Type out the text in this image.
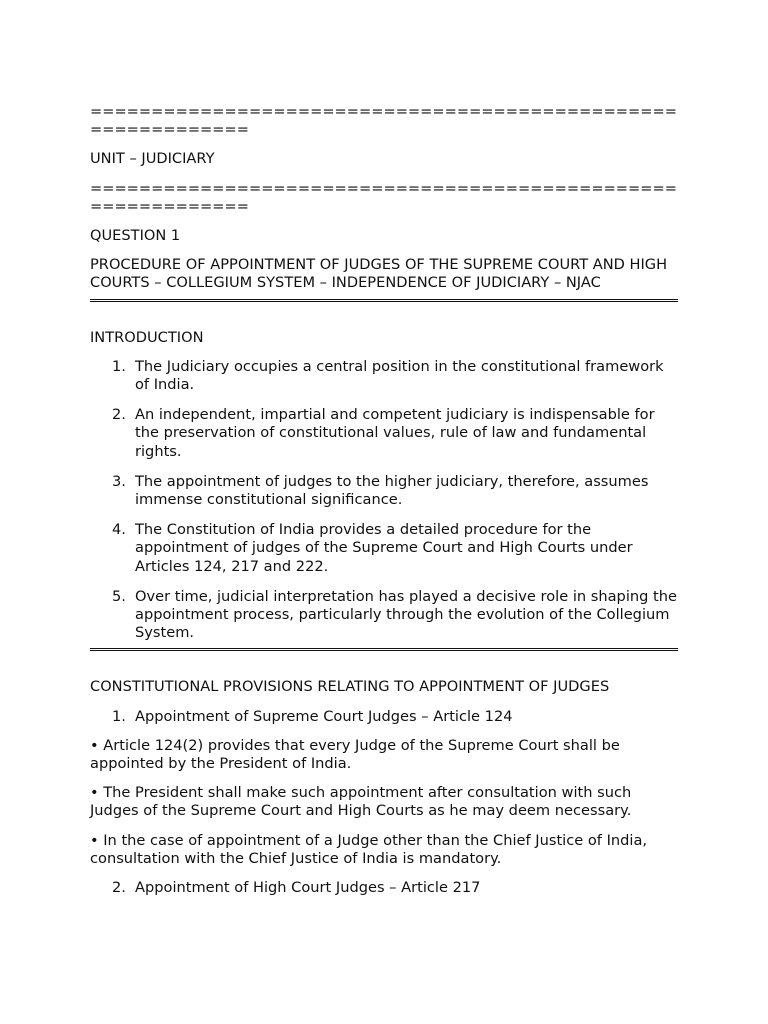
================================================
=============
UNIT – JUDICIARY
================================================
=============
QUESTION 1
PROCEDURE OF APPOINTMENT OF JUDGES OF THE SUPREME COURT AND HIGH COURTS – COLLEGIUM SYSTEM – INDEPENDENCE OF JUDICIARY – NJAC
INTRODUCTION
1. The Judiciary occupies a central position in the constitutional framework of India.
2. An independent, impartial and competent judiciary is indispensable for the preservation of constitutional values, rule of law and fundamental rights.
3. The appointment of judges to the higher judiciary, therefore, assumes immense constitutional significance.
4. The Constitution of India provides a detailed procedure for the appointment of judges of the Supreme Court and High Courts under Articles 124, 217 and 222.
5. Over time, judicial interpretation has played a decisive role in shaping the appointment process, particularly through the evolution of the Collegium System.
CONSTITUTIONAL PROVISIONS RELATING TO APPOINTMENT OF JUDGES
1. Appointment of Supreme Court Judges – Article 124
• Article 124(2) provides that every Judge of the Supreme Court shall be appointed by the President of India.
• The President shall make such appointment after consultation with such Judges of the Supreme Court and High Courts as he may deem necessary.
• In the case of appointment of a Judge other than the Chief Justice of India, consultation with the Chief Justice of India is mandatory.
2. Appointment of High Court Judges – Article 217
